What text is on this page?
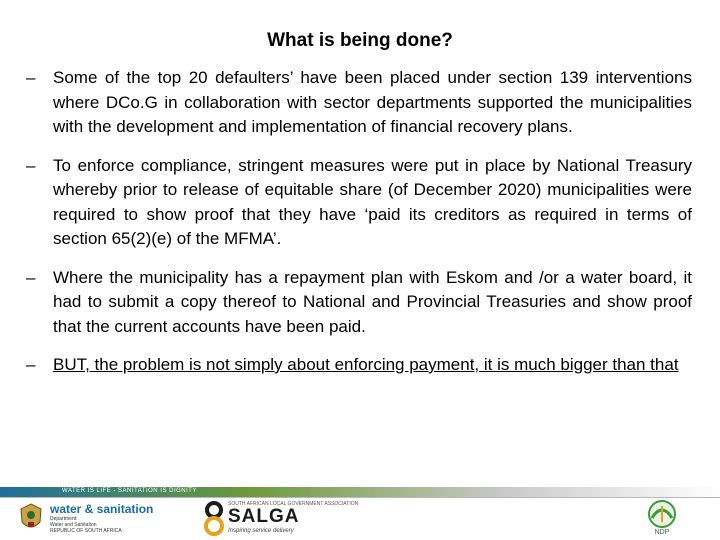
What is being done?
– Some of the top 20 defaulters’ have been placed under section 139 interventions where DCo.G in collaboration with sector departments supported the municipalities with the development and implementation of financial recovery plans.
– To enforce compliance, stringent measures were put in place by National Treasury whereby prior to release of equitable share (of December 2020) municipalities were required to show proof that they have ‘paid its creditors as required in terms of section 65(2)(e) of the MFMA’.
– Where the municipality has a repayment plan with Eskom and /or a water board, it had to submit a copy thereof to National and Provincial Treasuries and show proof that the current accounts have been paid.
– BUT, the problem is not simply about enforcing payment, it is much bigger than that
WATER IS LIFE - SANITATION IS DIGNITY
water & sanitation
Department:
Water and Sanitation
REPUBLIC OF SOUTH AFRICA
SOUTH AFRICAN LOCAL GOVERNMENT ASSOCIATION
SALGA
Inspiring service delivery	NDP
